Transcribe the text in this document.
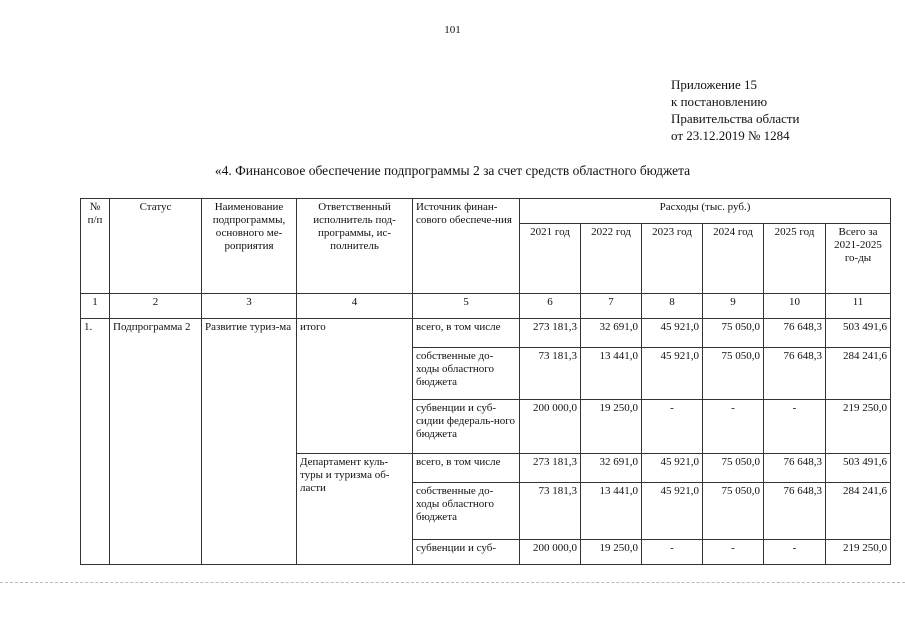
101
Приложение 15
к постановлению
Правительства области
от 23.12.2019 № 1284
«4. Финансовое обеспечение подпрограммы 2 за счет средств областного бюджета
№ п/п	Статус	Наименование подпрограммы, основного ме-роприятия	Ответственный исполнитель под-программы, ис-полнитель	Источник финан-сового обеспече-ния	Расходы (тыс. руб.)					
					2021 год	2022 год	2023 год	2024 год	2025 год	Всего за 2021-2025 го-ды
1	2	3	4	5	6	7	8	9	10	11
1.	Подпрограмма 2	Развитие туриз-ма	итого	всего, в том числе	273 181,3	32 691,0	45 921,0	75 050,0	76 648,3	503 491,6
				собственные до-ходы областного бюджета	73 181,3	13 441,0	45 921,0	75 050,0	76 648,3	284 241,6
				субвенции и суб-сидии федераль-ного бюджета	200 000,0	19 250,0	-	-	-	219 250,0
			Департамент куль-туры и туризма об-ласти	всего, в том числе	273 181,3	32 691,0	45 921,0	75 050,0	76 648,3	503 491,6
				собственные до-ходы областного бюджета	73 181,3	13 441,0	45 921,0	75 050,0	76 648,3	284 241,6
				субвенции и суб-	200 000,0	19 250,0	-	-	-	219 250,0
